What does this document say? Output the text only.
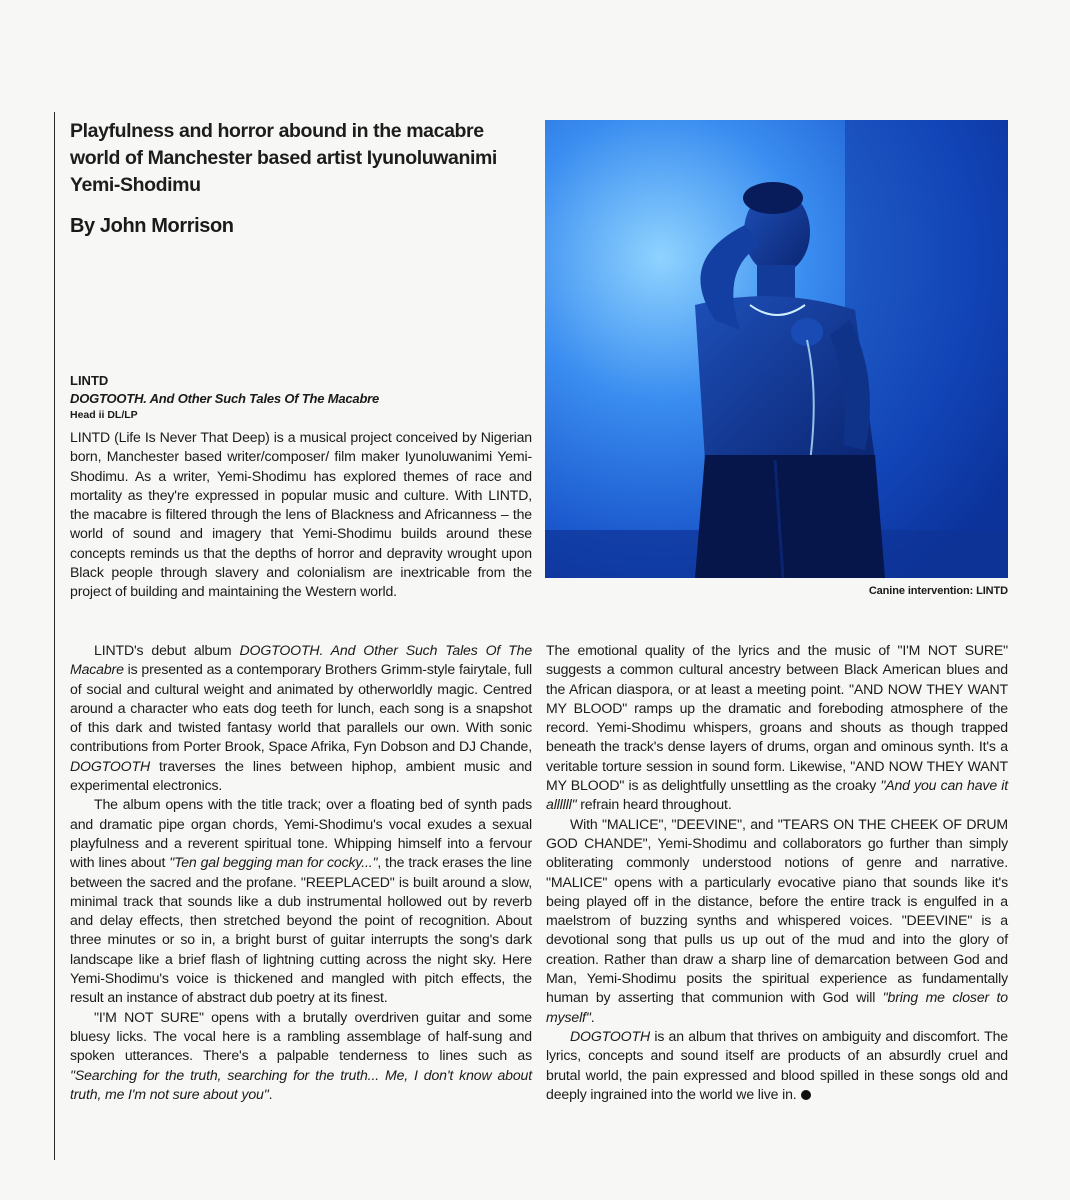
Playfulness and horror abound in the macabre world of Manchester based artist Iyunoluwanimi Yemi-Shodimu
By John Morrison
Canine intervention: LINTD
LINTD
DOGTOOTH. And Other Such Tales Of The Macabre
Head ii DL/LP

LINTD (Life Is Never That Deep) is a musical project conceived by Nigerian born, Manchester based writer/composer/ film maker Iyunoluwanimi Yemi-Shodimu. As a writer, Yemi-Shodimu has explored themes of race and mortality as they're expressed in popular music and culture. With LINTD, the macabre is filtered through the lens of Blackness and Africanness – the world of sound and imagery that Yemi-Shodimu builds around these concepts reminds us that the depths of horror and depravity wrought upon Black people through slavery and colonialism are inextricable from the project of building and maintaining the Western world.

LINTD's debut album DOGTOOTH. And Other Such Tales Of The Macabre is presented as a contemporary Brothers Grimm-style fairytale, full of social and cultural weight and animated by otherworldly magic. Centred around a character who eats dog teeth for lunch, each song is a snapshot of this dark and twisted fantasy world that parallels our own. With sonic contributions from Porter Brook, Space Afrika, Fyn Dobson and DJ Chande, DOGTOOTH traverses the lines between hiphop, ambient music and experimental electronics.

The album opens with the title track; over a floating bed of synth pads and dramatic pipe organ chords, Yemi-Shodimu's vocal exudes a sexual playfulness and a reverent spiritual tone. Whipping himself into a fervour with lines about "Ten gal begging man for cocky...", the track erases the line between the sacred and the profane. "REEPLACED" is built around a slow, minimal track that sounds like a dub instrumental hollowed out by reverb and delay effects, then stretched beyond the point of recognition. About three minutes or so in, a bright burst of guitar interrupts the song's dark landscape like a brief flash of lightning cutting across the night sky. Here Yemi-Shodimu's voice is thickened and mangled with pitch effects, the result an instance of abstract dub poetry at its finest.

"I'M NOT SURE" opens with a brutally overdriven guitar and some bluesy licks. The vocal here is a rambling assemblage of half-sung and spoken utterances. There's a palpable tenderness to lines such as "Searching for the truth, searching for the truth... Me, I don't know about truth, me I'm not sure about you".

The emotional quality of the lyrics and the music of "I'M NOT SURE" suggests a common cultural ancestry between Black American blues and the African diaspora, or at least a meeting point. "AND NOW THEY WANT MY BLOOD" ramps up the dramatic and foreboding atmosphere of the record. Yemi-Shodimu whispers, groans and shouts as though trapped beneath the track's dense layers of drums, organ and ominous synth. It's a veritable torture session in sound form. Likewise, "AND NOW THEY WANT MY BLOOD" is as delightfully unsettling as the croaky "And you can have it allllll" refrain heard throughout.

With "MALICE", "DEEVINE", and "TEARS ON THE CHEEK OF DRUM GOD CHANDE", Yemi-Shodimu and collaborators go further than simply obliterating commonly understood notions of genre and narrative. "MALICE" opens with a particularly evocative piano that sounds like it's being played off in the distance, before the entire track is engulfed in a maelstrom of buzzing synths and whispered voices. "DEEVINE" is a devotional song that pulls us up out of the mud and into the glory of creation. Rather than draw a sharp line of demarcation between God and Man, Yemi-Shodimu posits the spiritual experience as fundamentally human by asserting that communion with God will "bring me closer to myself".

DOGTOOTH is an album that thrives on ambiguity and discomfort. The lyrics, concepts and sound itself are products of an absurdly cruel and brutal world, the pain expressed and blood spilled in these songs old and deeply ingrained into the world we live in.
